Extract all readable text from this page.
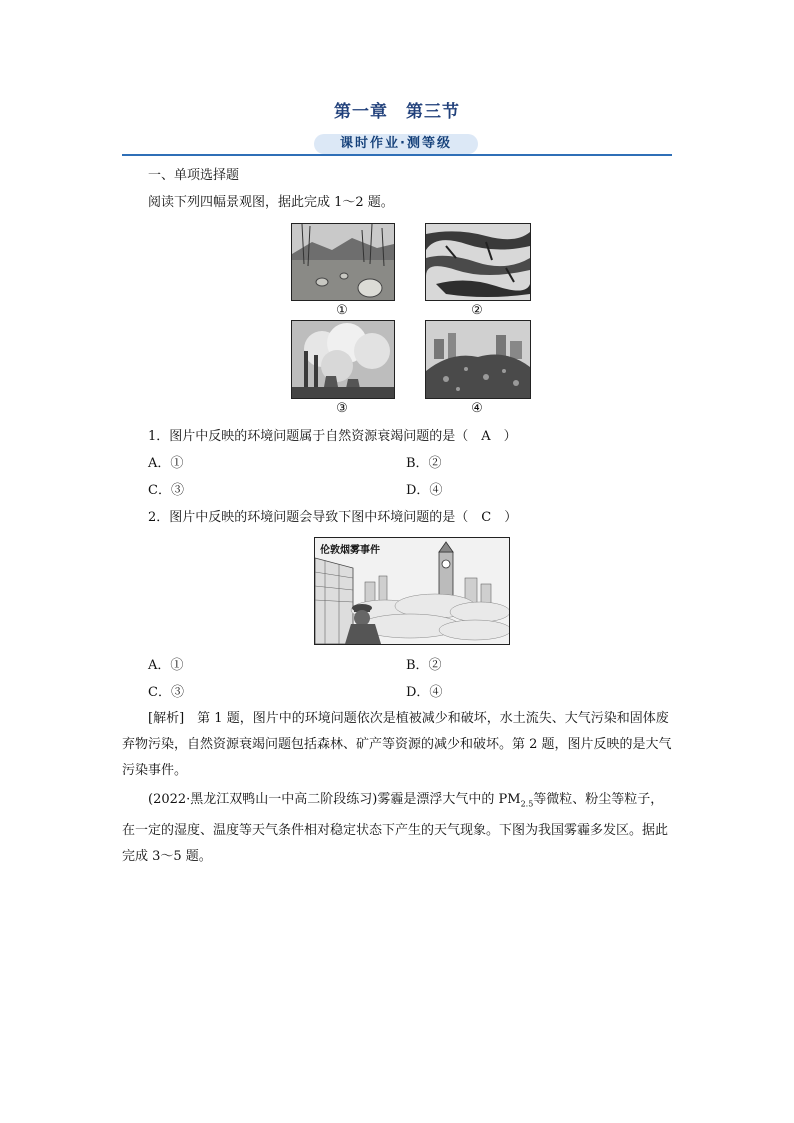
第一章　第三节
课时作业·测等级
一、单项选择题
阅读下列四幅景观图，据此完成 1～2 题。
①	②
③	④
1．图片中反映的环境问题属于自然资源衰竭问题的是（　A　）
A．①	B．②
C．③	D．④
2．图片中反映的环境问题会导致下图中环境问题的是（　C　）
伦敦烟雾事件
A．①	B．②
C．③	D．④
[解析]　 第 1 题，图片中的环境问题依次是植被减少和破坏，水土流失、大气污染和固体废弃物污染，自然资源衰竭问题包括森林、矿产等资源的减少和破坏。第 2 题，图片反映的是大气污染事件。
(2022·黑龙江双鸭山一中高二阶段练习)雾霾是漂浮大气中的 $PM_{2.5}$等微粒、粉尘等粒子，在一定的湿度、温度等天气条件相对稳定状态下产生的天气现象。下图为我国雾霾多发区。据此完成 3～5 题。
